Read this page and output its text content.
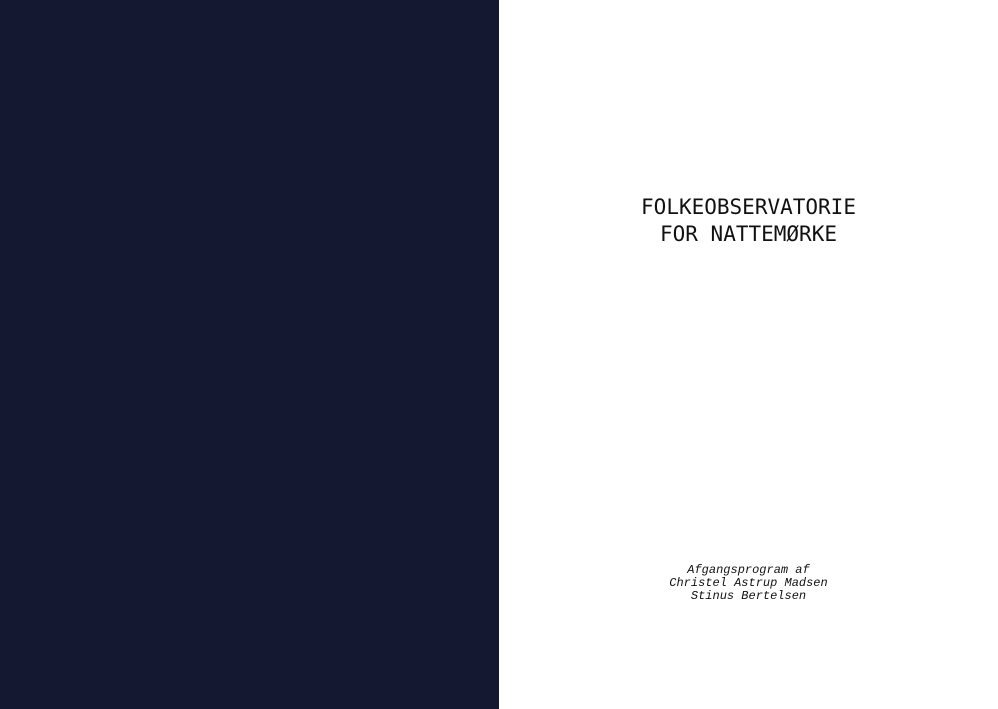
FOLKEOBSERVATORIE
FOR NATTEMØRKE
Afgangsprogram af
Christel Astrup Madsen
Stinus Bertelsen
